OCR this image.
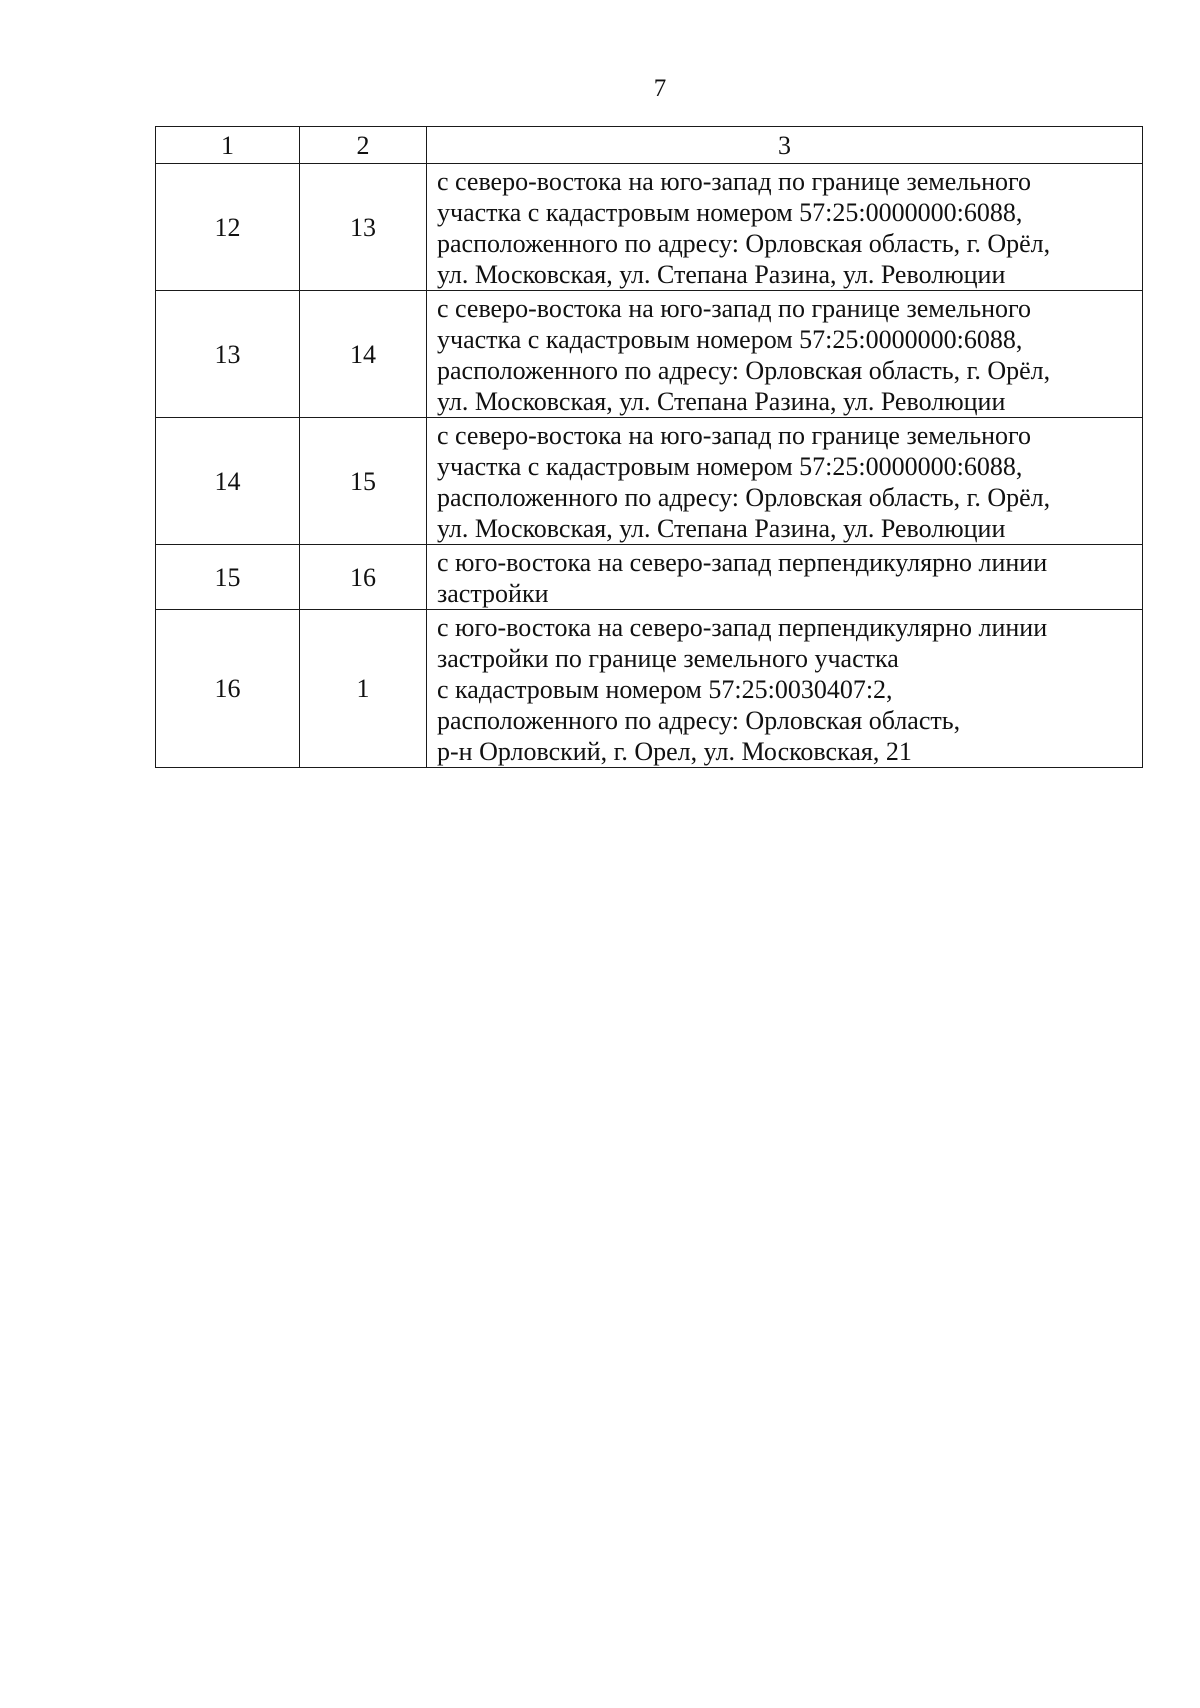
7
1	2	3
12	13	с северо-востока на юго-запад по границе земельного
участка с кадастровым номером 57:25:0000000:6088,
расположенного по адресу: Орловская область, г. Орёл,
ул. Московская, ул. Степана Разина, ул. Революции

13	14	с северо-востока на юго-запад по границе земельного
участка с кадастровым номером 57:25:0000000:6088,
расположенного по адресу: Орловская область, г. Орёл,
ул. Московская, ул. Степана Разина, ул. Революции

14	15	с северо-востока на юго-запад по границе земельного
участка с кадастровым номером 57:25:0000000:6088,
расположенного по адресу: Орловская область, г. Орёл,
ул. Московская, ул. Степана Разина, ул. Революции

15	16	с юго-востока на северо-запад перпендикулярно линии
застройки

16	1	с юго-востока на северо-запад перпендикулярно линии
застройки по границе земельного участка
с кадастровым номером 57:25:0030407:2,
расположенного по адресу: Орловская область,
р-н Орловский, г. Орел, ул. Московская, 21
